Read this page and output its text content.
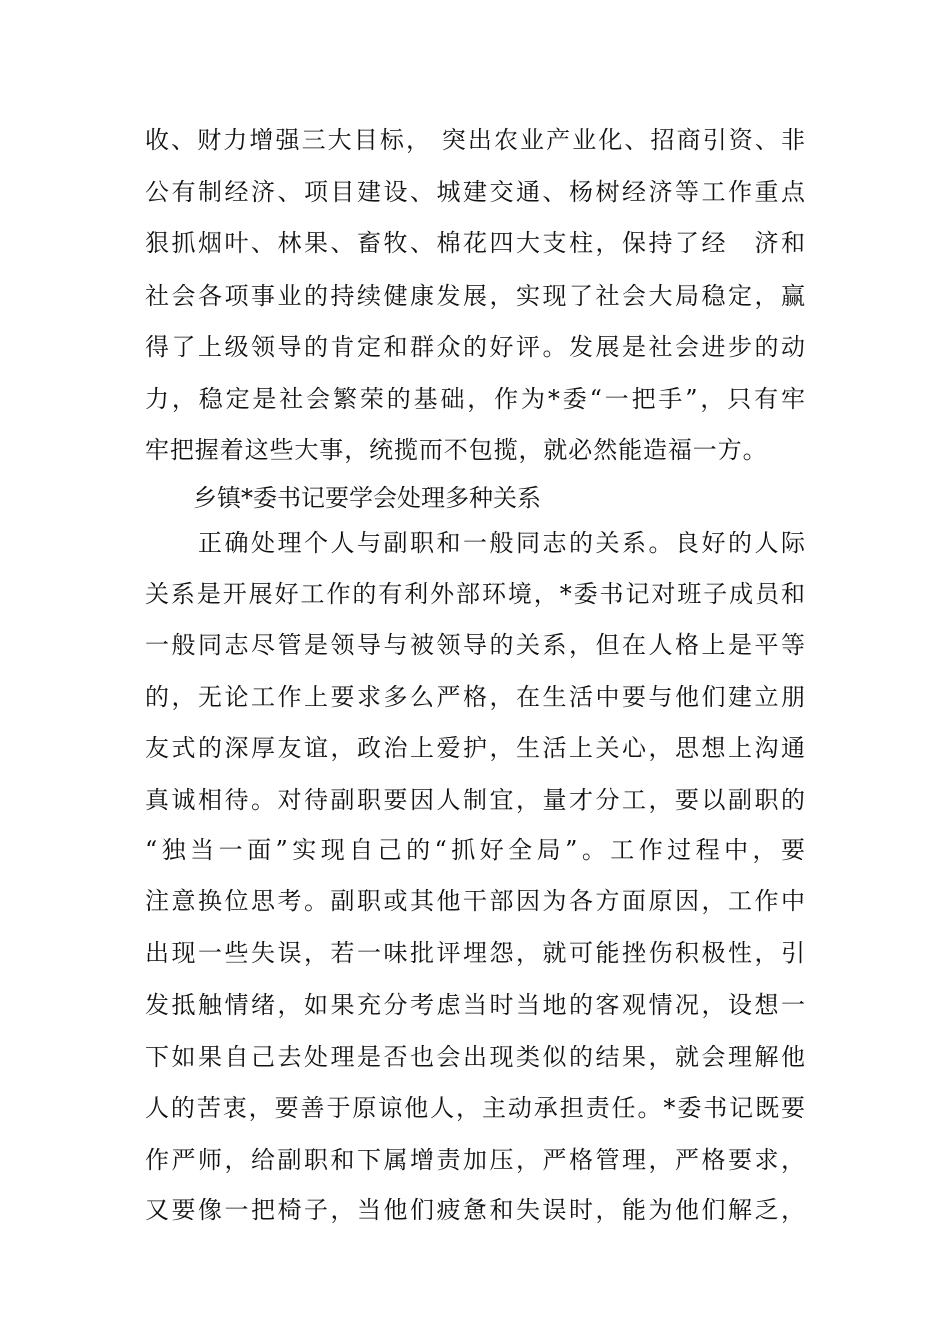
收、财力增强三大目标， 突出农业产业化、招商引资、非
公有制经济、项目建设、城建交通、杨树经济等工作重点
狠抓烟叶、林果、畜牧、棉花四大支柱，保持了经　济和
社会各项事业的持续健康发展，实现了社会大局稳定，赢
得了上级领导的肯定和群众的好评。发展是社会进步的动
力，稳定是社会繁荣的基础，作为*委“一把手”，只有牢
牢把握着这些大事，统揽而不包揽，就必然能造福一方。
乡镇*委书记要学会处理多种关系
　　正确处理个人与副职和一般同志的关系。良好的人际
关系是开展好工作的有利外部环境，*委书记对班子成员和
一般同志尽管是领导与被领导的关系，但在人格上是平等
的，无论工作上要求多么严格，在生活中要与他们建立朋
友式的深厚友谊，政治上爱护，生活上关心，思想上沟通
真诚相待。对待副职要因人制宜，量才分工，要以副职的
“独当一面”实现自己的“抓好全局”。工作过程中，要
注意换位思考。副职或其他干部因为各方面原因，工作中
出现一些失误，若一味批评埋怨，就可能挫伤积极性，引
发抵触情绪，如果充分考虑当时当地的客观情况，设想一
下如果自己去处理是否也会出现类似的结果，就会理解他
人的苦衷，要善于原谅他人，主动承担责任。*委书记既要
作严师，给副职和下属增责加压，严格管理，严格要求，
又要像一把椅子，当他们疲惫和失误时，能为他们解乏，
